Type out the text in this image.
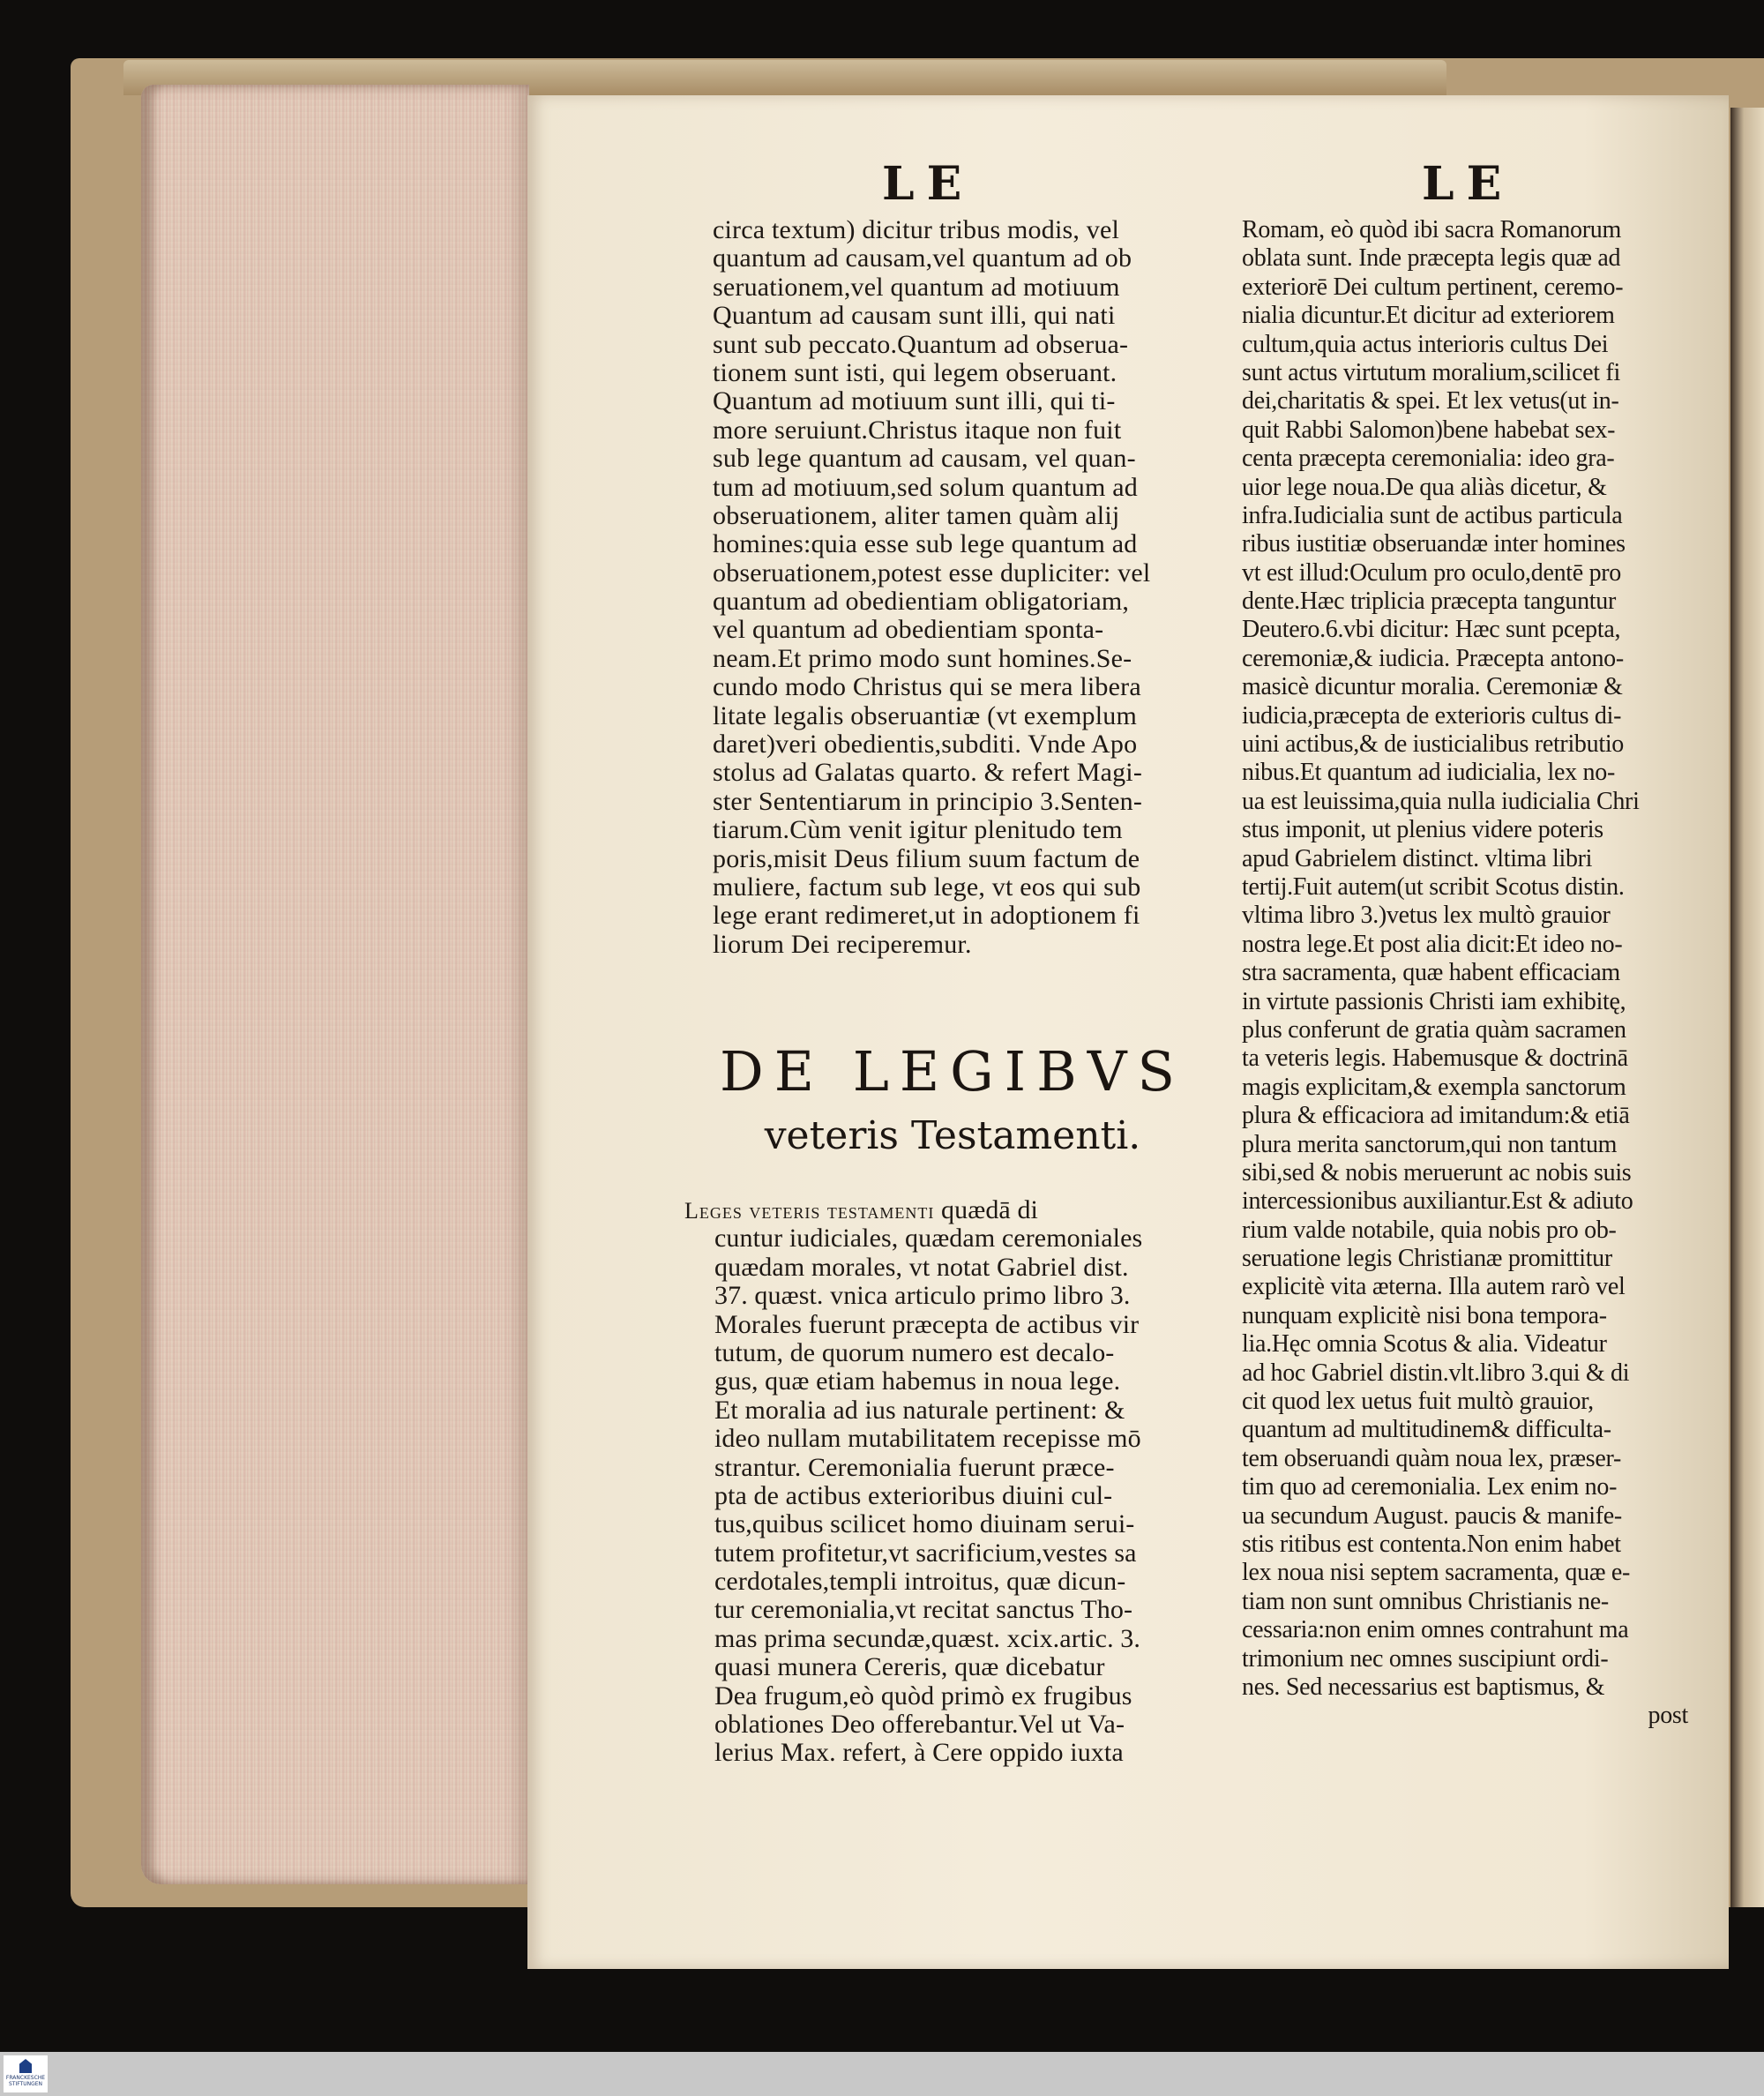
LE	LE
circa textum) dicitur tribus modis, vel
quantum ad causam,vel quantum ad ob
seruationem,vel quantum ad motiuum
Quantum ad causam sunt illi, qui nati
sunt sub peccato.Quantum ad obserua-
tionem sunt isti, qui legem obseruant.
Quantum ad motiuum sunt illi, qui ti-
more seruiunt.Christus itaque non fuit
sub lege quantum ad causam, vel quan-
tum ad motiuum,sed solum quantum ad
obseruationem, aliter tamen quàm alij
homines:quia esse sub lege quantum ad
obseruationem,potest esse dupliciter: vel
quantum ad obedientiam obligatoriam,
vel quantum ad obedientiam sponta-
neam.Et primo modo sunt homines.Se-
cundo modo Christus qui se mera libera
litate legalis obseruantiæ (vt exemplum
daret)veri obedientis,subditi. Vnde Apo
stolus ad Galatas quarto. & refert Magi-
ster Sententiarum in principio 3.Senten-
tiarum.Cùm venit igitur plenitudo tem
poris,misit Deus filium suum factum de
muliere, factum sub lege, vt eos qui sub
lege erant redimeret,ut in adoptionem fi
liorum Dei reciperemur.
DE LEGIBVS
veteris Testamenti.
Leges veteris testamenti quædā di
cuntur iudiciales, quædam ceremoniales
quædam morales, vt notat Gabriel dist.
37. quæst. vnica articulo primo libro 3.
Morales fuerunt præcepta de actibus vir
tutum, de quorum numero est decalo-
gus, quæ etiam habemus in noua lege.
Et moralia ad ius naturale pertinent: &
ideo nullam mutabilitatem recepisse mō
strantur. Ceremonialia fuerunt præce-
pta de actibus exterioribus diuini cul-
tus,quibus scilicet homo diuinam serui-
tutem profitetur,vt sacrificium,vestes sa
cerdotales,templi introitus, quæ dicun-
tur ceremonialia,vt recitat sanctus Tho-
mas prima secundæ,quæst. xcix.artic. 3.
quasi munera Cereris, quæ dicebatur
Dea frugum,eò quòd primò ex frugibus
oblationes Deo offerebantur.Vel ut Va-
lerius Max. refert, à Cere oppido iuxta
Romam, eò quòd ibi sacra Romanorum
oblata sunt. Inde præcepta legis quæ ad
exteriorē Dei cultum pertinent, ceremo-
nialia dicuntur.Et dicitur ad exteriorem
cultum,quia actus interioris cultus Dei
sunt actus virtutum moralium,scilicet fi
dei,charitatis & spei. Et lex vetus(ut in-
quit Rabbi Salomon)bene habebat sex-
centa præcepta ceremonialia: ideo gra-
uior lege noua.De qua aliàs dicetur, &
infra.Iudicialia sunt de actibus particula
ribus iustitiæ obseruandæ inter homines
vt est illud:Oculum pro oculo,dentē pro
dente.Hæc triplicia præcepta tanguntur
Deutero.6.vbi dicitur: Hæc sunt pcepta,
ceremoniæ,& iudicia. Præcepta antono-
masicè dicuntur moralia. Ceremoniæ &
iudicia,præcepta de exterioris cultus di-
uini actibus,& de iusticialibus retributio
nibus.Et quantum ad iudicialia, lex no-
ua est leuissima,quia nulla iudicialia Chri
stus imponit, ut plenius videre poteris
apud Gabrielem distinct. vltima libri
tertij.Fuit autem(ut scribit Scotus distin.
vltima libro 3.)vetus lex multò grauior
nostra lege.Et post alia dicit:Et ideo no-
stra sacramenta, quæ habent efficaciam
in virtute passionis Christi iam exhibitę,
plus conferunt de gratia quàm sacramen
ta veteris legis. Habemusque & doctrinā
magis explicitam,& exempla sanctorum
plura & efficaciora ad imitandum:& etiā
plura merita sanctorum,qui non tantum
sibi,sed & nobis meruerunt ac nobis suis
intercessionibus auxiliantur.Est & adiuto
rium valde notabile, quia nobis pro ob-
seruatione legis Christianæ promittitur
explicitè vita æterna. Illa autem rarò vel
nunquam explicitè nisi bona tempora-
lia.Hęc omnia Scotus & alia. Videatur
ad hoc Gabriel distin.vlt.libro 3.qui & di
cit quod lex uetus fuit multò grauior,
quantum ad multitudinem& difficulta-
tem obseruandi quàm noua lex, præser-
tim quo ad ceremonialia. Lex enim no-
ua secundum August. paucis & manife-
stis ritibus est contenta.Non enim habet
lex noua nisi septem sacramenta, quæ e-
tiam non sunt omnibus Christianis ne-
cessaria:non enim omnes contrahunt ma
trimonium nec omnes suscipiunt ordi-
nes. Sed necessarius est baptismus, &
post
FRANCKESCHE
STIFTUNGEN
